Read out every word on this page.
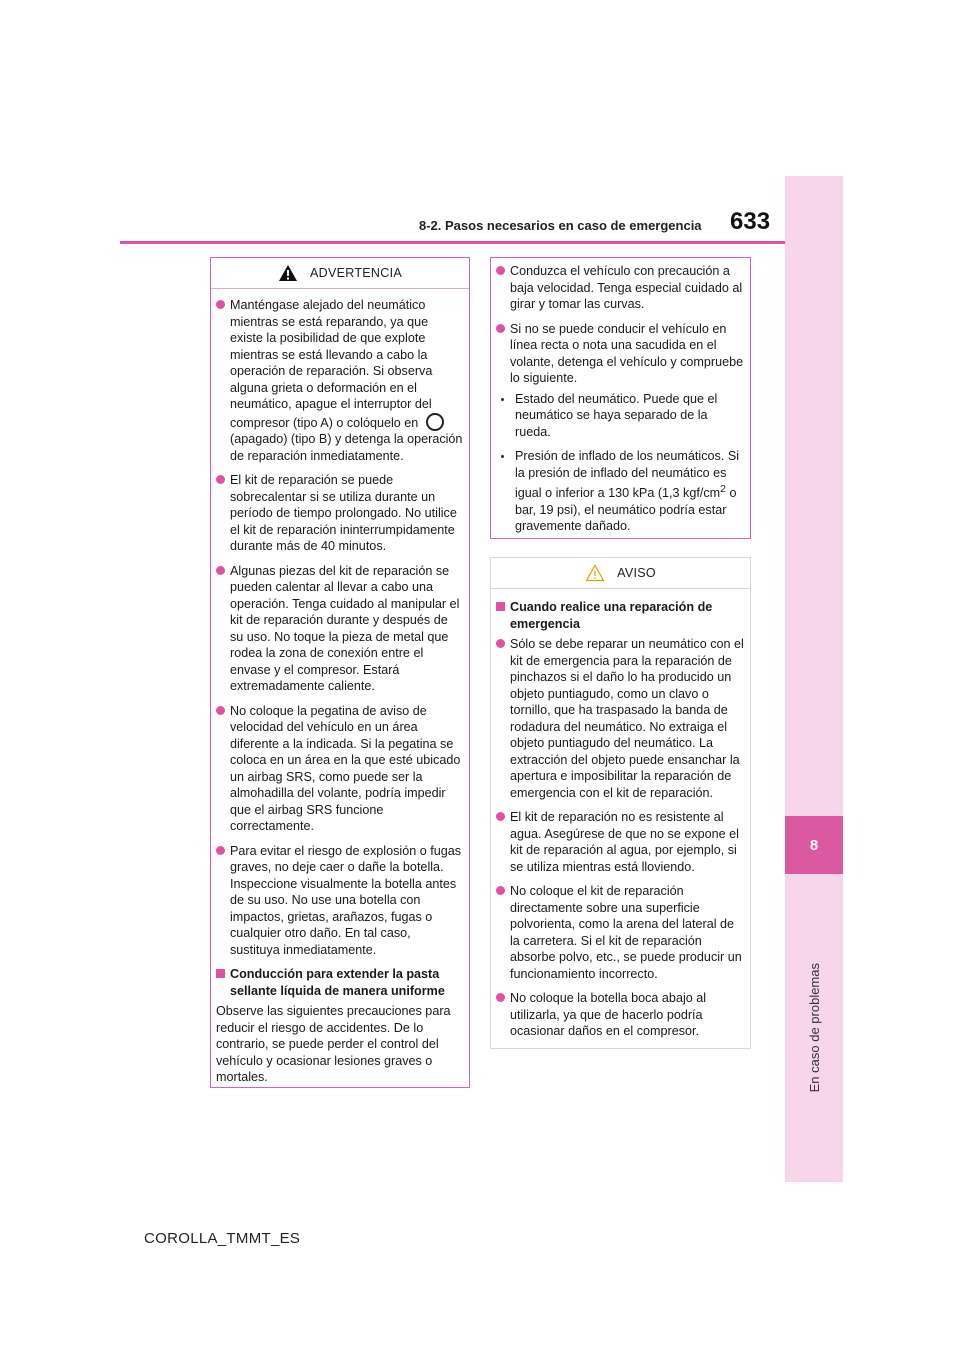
8
En caso de problemas
8-2. Pasos necesarios en caso de emergencia 633
ADVERTENCIA
Manténgase alejado del neumático mientras se está reparando, ya que existe la posibilidad de que explote mientras se está llevando a cabo la operación de reparación. Si observa alguna grieta o deformación en el neumático, apague el interruptor del compresor (tipo A) o colóquelo en  (apagado) (tipo B) y detenga la operación de reparación inmediatamente.
El kit de reparación se puede sobrecalentar si se utiliza durante un período de tiempo prolongado. No utilice el kit de reparación ininterrumpidamente durante más de 40 minutos.
Algunas piezas del kit de reparación se pueden calentar al llevar a cabo una operación. Tenga cuidado al manipular el kit de reparación durante y después de su uso. No toque la pieza de metal que rodea la zona de conexión entre el envase y el compresor. Estará extremadamente caliente.
No coloque la pegatina de aviso de velocidad del vehículo en un área diferente a la indicada. Si la pegatina se coloca en un área en la que esté ubicado un airbag SRS, como puede ser la almohadilla del volante, podría impedir que el airbag SRS funcione correctamente.
Para evitar el riesgo de explosión o fugas graves, no deje caer o dañe la botella. Inspeccione visualmente la botella antes de su uso. No use una botella con impactos, grietas, arañazos, fugas o cualquier otro daño. En tal caso, sustituya inmediatamente.
Conducción para extender la pasta sellante líquida de manera uniforme

Observe las siguientes precauciones para reducir el riesgo de accidentes. De lo contrario, se puede perder el control del vehículo y ocasionar lesiones graves o mortales.

Conduzca el vehículo con precaución a baja velocidad. Tenga especial cuidado al girar y tomar las curvas.
Si no se puede conducir el vehículo en línea recta o nota una sacudida en el volante, detenga el vehículo y compruebe lo siguiente.
Estado del neumático. Puede que el neumático se haya separado de la rueda.
Presión de inflado de los neumáticos. Si la presión de inflado del neumático es igual o inferior a 130 kPa (1,3 kgf/$cm^2$ o bar, 19 psi), el neumático podría estar gravemente dañado.
AVISO
Cuando realice una reparación de emergencia
Sólo se debe reparar un neumático con el kit de emergencia para la reparación de pinchazos si el daño lo ha producido un objeto puntiagudo, como un clavo o tornillo, que ha traspasado la banda de rodadura del neumático. No extraiga el objeto puntiagudo del neumático. La extracción del objeto puede ensanchar la apertura e imposibilitar la reparación de emergencia con el kit de reparación.
El kit de reparación no es resistente al agua. Asegúrese de que no se expone el kit de reparación al agua, por ejemplo, si se utiliza mientras está lloviendo.
No coloque el kit de reparación directamente sobre una superficie polvorienta, como la arena del lateral de la carretera. Si el kit de reparación absorbe polvo, etc., se puede producir un funcionamiento incorrecto.
No coloque la botella boca abajo al utilizarla, ya que de hacerlo podría ocasionar daños en el compresor.
COROLLA_TMMT_ES
